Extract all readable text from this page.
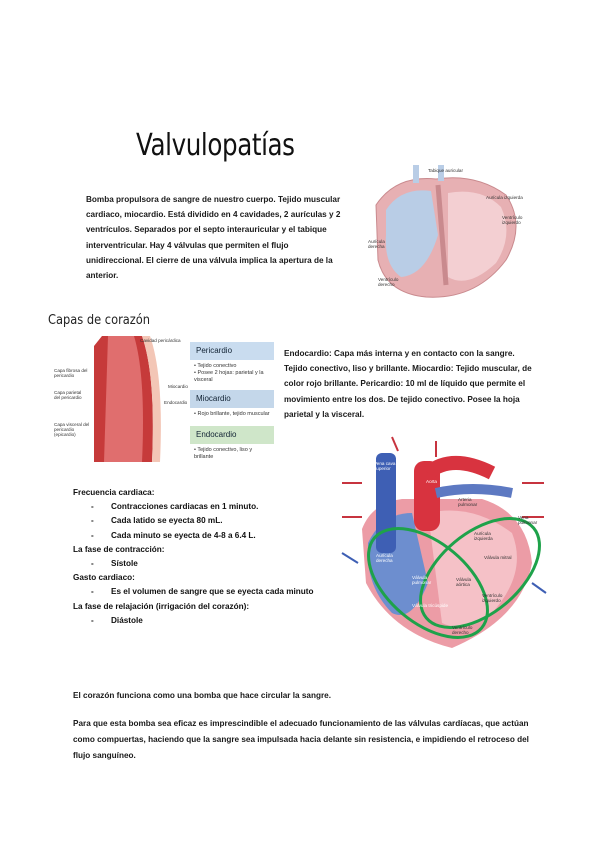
Valvulopatías

Bomba propulsora de sangre de nuestro cuerpo. Tejido muscular cardiaco, miocardio. Está dividido en 4 cavidades, 2 aurículas y 2 ventrículos. Separados por el septo interauricular y el tabique interventricular. Hay 4 válvulas que permiten el flujo unidireccional. El cierre de una válvula implica la apertura de la anterior.

Tabique auricular
Aurícula izquierda
Ventrículo izquierdo
Aurícula derecha
Ventrículo derecho
Capas de corazón
Cavidad pericárdica
Capa fibrosa del pericardio
Capa parietal del pericardio
Capa visceral del pericardio (epicardio)
Miocardio
Endocardio
Pericardio
• Tejido conectivo
• Posee 2 hojas: parietal y la visceral
Miocardio
• Rojo brillante, tejido muscular
Endocardio
• Tejido conectivo, liso y brillante

Endocardio: Capa más interna y en contacto con la sangre. Tejido conectivo, liso y brillante. Miocardio: Tejido muscular, de color rojo brillante. Pericardio: 10 ml de líquido que permite el movimiento entre los dos. De tejido conectivo. Posee la hoja parietal y la visceral.

Vena cava superior
Aorta
Arteria pulmonar
Vena pulmonar
Aurícula izquierda
Aurícula derecha
Válvula mitral
Válvula pulmonar
Válvula aórtica
Ventrículo izquierdo
Válvula tricúspide
Ventrículo derecho
Frecuencia cardiaca:
- Contracciones cardiacas en 1 minuto.
- Cada latido se eyecta 80 mL.
- Cada minuto se eyecta de 4-8 a 6.4 L.
La fase de contracción:
- Sístole
Gasto cardiaco:
- Es el volumen de sangre que se eyecta cada minuto
La fase de relajación (irrigación del corazón):
- Diástole

El corazón funciona como una bomba que hace circular la sangre.

Para que esta bomba sea eficaz es imprescindible el adecuado funcionamiento de las válvulas cardíacas, que actúan como compuertas, haciendo que la sangre sea impulsada hacia delante sin resistencia, e impidiendo el retroceso del flujo sanguíneo.
